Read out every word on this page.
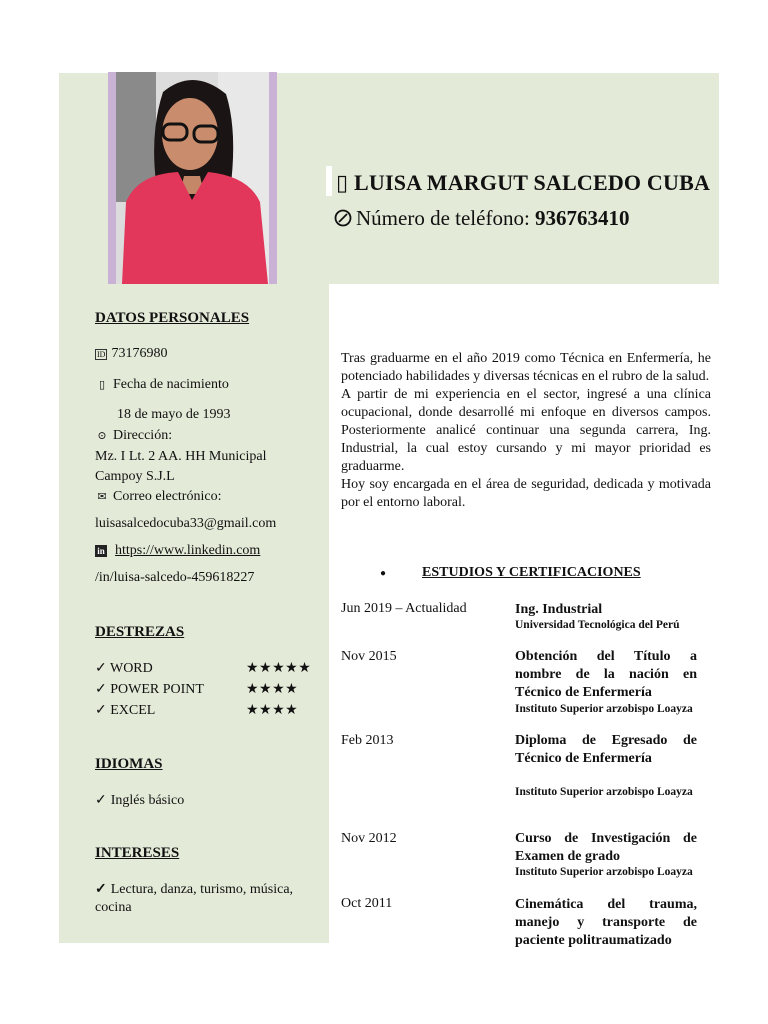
▯ LUISA MARGUT SALCEDO CUBA
Número de teléfono: 936763410
DATOS PERSONALES
ID 73176980
▯ Fecha de nacimiento
18 de mayo de 1993
⊙ Dirección:
Mz. I Lt. 2 AA. HH Municipal
Campoy S.J.L
✉ Correo electrónico:
luisasalcedocuba33@gmail.com
in https://www.linkedin.com
/in/luisa-salcedo-459618227
DESTREZAS
✓ WORD	★★★★★
✓ POWER POINT	★★★★
✓ EXCEL	★★★★
IDIOMAS
✓ Inglés básico
INTERESES
✓ Lectura, danza, turismo, música,
cocina

Tras graduarme en el año 2019 como Técnica en Enfermería, he potenciado habilidades y diversas técnicas en el rubro de la salud.

A partir de mi experiencia en el sector, ingresé a una clínica ocupacional, donde desarrollé mi enfoque en diversos campos. Posteriormente analicé continuar una segunda carrera, Ing. Industrial, la cual estoy cursando y mi mayor prioridad es graduarme.

Hoy soy encargada en el área de seguridad, dedicada y motivada por el entorno laboral.

●	ESTUDIOS Y CERTIFICACIONES
Jun 2019 – Actualidad	Ing. Industrial
Universidad Tecnológica del Perú
Nov 2015	Obtención del Título a nombre de la nación en Técnico de Enfermería
Instituto Superior arzobispo Loayza
Feb 2013	Diploma de Egresado de Técnico de Enfermería
Instituto Superior arzobispo Loayza
Nov 2012	Curso de Investigación de Examen de grado
Instituto Superior arzobispo Loayza
Oct 2011	Cinemática del trauma, manejo y transporte de paciente politraumatizado
